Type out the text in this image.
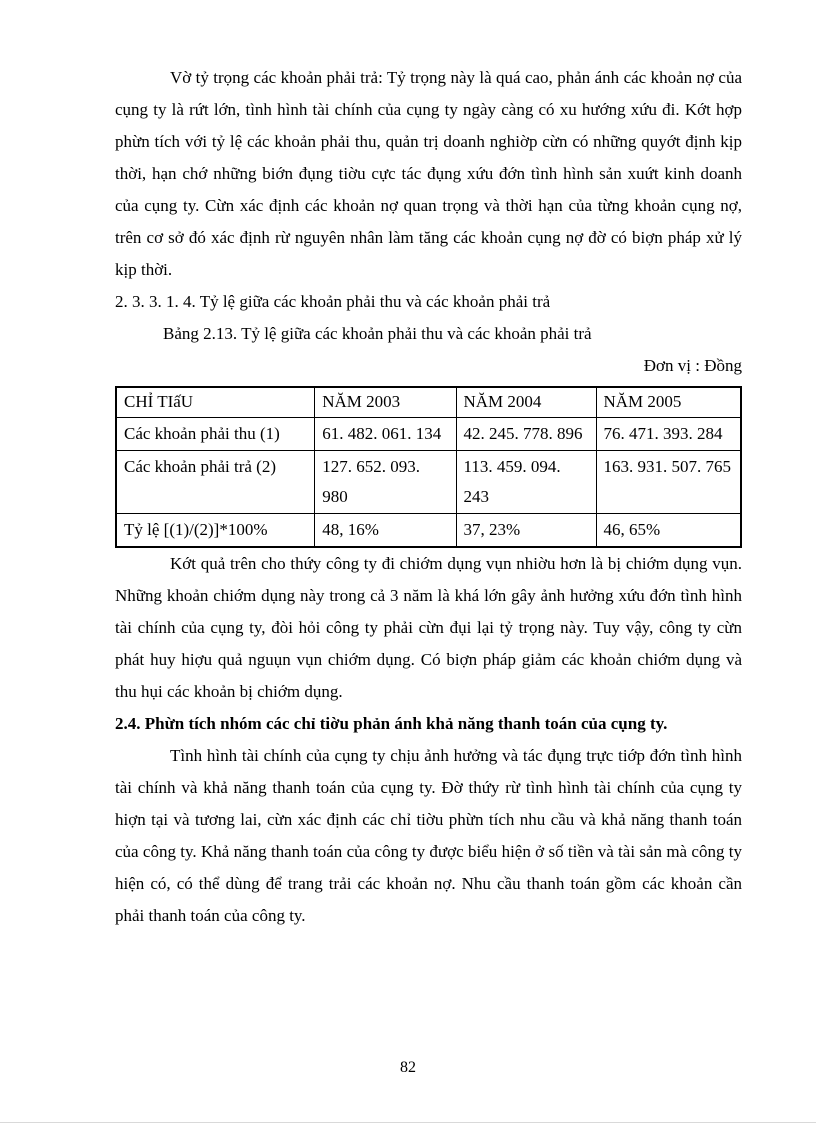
Vờ tỷ trọng các khoản phải trả: Tỷ trọng này là quá cao, phản ánh các khoản nợ của cụng ty là rứt lớn, tình hình tài chính của cụng ty ngày càng có xu hướng xứu đi. Kớt hợp phừn tích với tỷ lệ các khoản phải thu, quản trị doanh nghiờp cừn có những quyớt định kịp thời, hạn chớ những biớn đụng tiờu cực tác đụng xứu đớn tình hình sản xuứt kinh doanh của cụng ty. Cừn xác định các khoản nợ quan trọng và thời hạn của từng khoản cụng nợ, trên cơ sở đó xác định rừ nguyên nhân làm tăng các khoản cụng nợ đờ có biợn pháp xử lý kịp thời.

2. 3. 3. 1. 4. Tỷ lệ giữa các khoản phải thu và các khoản phải trả

Bảng 2.13. Tỷ lệ giữa các khoản phải thu và các khoản phải trả

Đơn vị : Đồng

CHỈ TIấU	NĂM 2003	NĂM 2004	NĂM 2005
Các khoản phải thu (1)	61. 482. 061. 134	42. 245. 778. 896	76. 471. 393. 284
Các khoản phải trả (2)	127. 652. 093. 980	113. 459. 094. 243	163. 931. 507. 765
Tỷ lệ [(1)/(2)]*100%	48, 16%	37, 23%	46, 65%

Kớt quả trên cho thứy công ty đi chiớm dụng vụn nhiờu hơn là bị chiớm dụng vụn. Những khoản chiớm dụng này trong cả 3 năm là khá lớn gây ảnh hưởng xứu đớn tình hình tài chính của cụng ty, đòi hỏi công ty phải cừn đụi lại tỷ trọng này. Tuy vậy, công ty cừn phát huy hiợu quả nguụn vụn chiớm dụng. Có biợn pháp giảm các khoản chiớm dụng và thu hụi các khoản bị chiớm dụng.

2.4. Phừn tích nhóm các chỉ tiờu phản ánh khả năng thanh toán của cụng ty.

Tình hình tài chính của cụng ty chịu ảnh hưởng và tác đụng trực tiớp đớn tình hình tài chính và khả năng thanh toán của cụng ty. Đờ thứy rừ tình hình tài chính của cụng ty hiợn tại và tương lai, cừn xác định các chỉ tiờu phừn tích nhu cầu và khả năng thanh toán của công ty. Khả năng thanh toán của công ty được biểu hiện ở số tiền và tài sản mà công ty hiện có, có thể dùng để trang trải các khoản nợ. Nhu cầu thanh toán gồm các khoản cần phải thanh toán của công ty.

82
